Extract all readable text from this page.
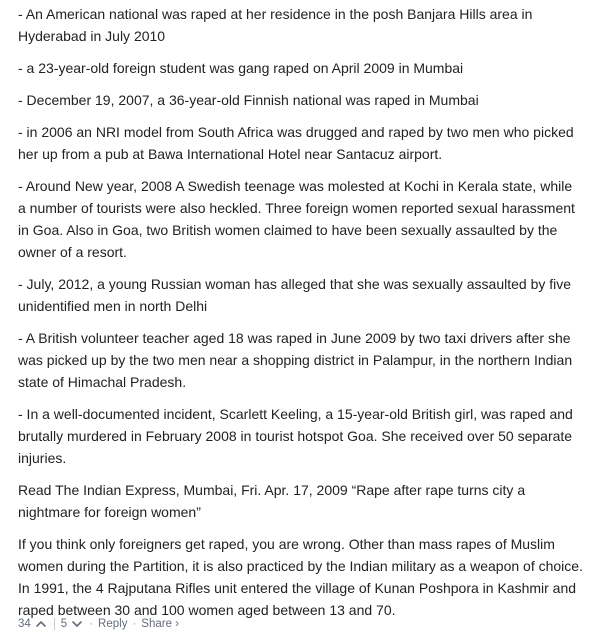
- An American national was raped at her residence in the posh Banjara Hills area in Hyderabad in July 2010

- a 23-year-old foreign student was gang raped on April 2009 in Mumbai

- December 19, 2007, a 36-year-old Finnish national was raped in Mumbai

- in 2006 an NRI model from South Africa was drugged and raped by two men who picked her up from a pub at Bawa International Hotel near Santacuz airport.

- Around New year, 2008 A Swedish teenage was molested at Kochi in Kerala state, while a number of tourists were also heckled. Three foreign women reported sexual harassment in Goa. Also in Goa, two British women claimed to have been sexually assaulted by the owner of a resort.

- July, 2012, a young Russian woman has alleged that she was sexually assaulted by five unidentified men in north Delhi

- A British volunteer teacher aged 18 was raped in June 2009 by two taxi drivers after she was picked up by the two men near a shopping district in Palampur, in the northern Indian state of Himachal Pradesh.

- In a well-documented incident, Scarlett Keeling, a 15-year-old British girl, was raped and brutally murdered in February 2008 in tourist hotspot Goa. She received over 50 separate injuries.

Read The Indian Express, Mumbai, Fri. Apr. 17, 2009 “Rape after rape turns city a nightmare for foreign women”

If you think only foreigners get raped, you are wrong. Other than mass rapes of Muslim women during the Partition, it is also practiced by the Indian military as a weapon of choice. In 1991, the 4 Rajputana Rifles unit entered the village of Kunan Poshpora in Kashmir and raped between 30 and 100 women aged between 13 and 70.

34	5 · Reply · Share ›
